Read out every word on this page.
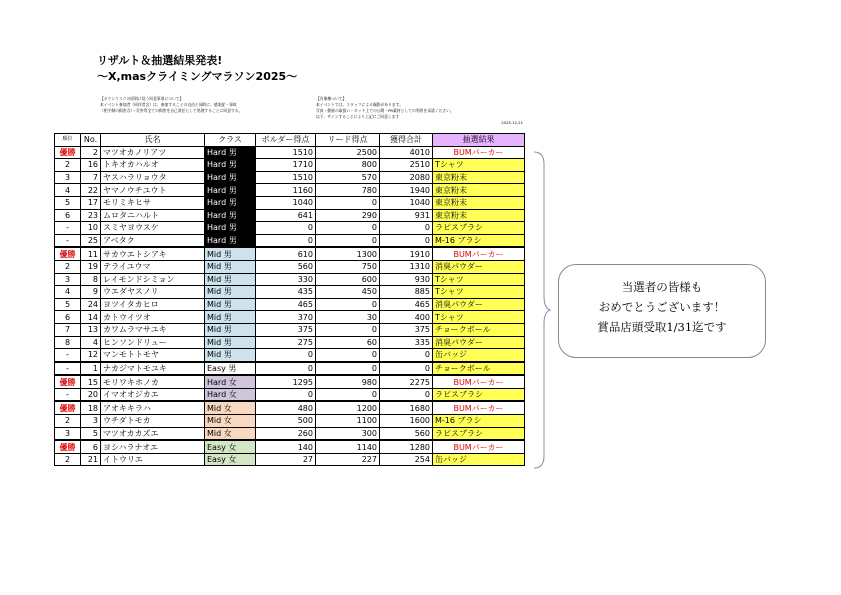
リザルト＆抽選結果発表!
〜X,masクライミングマラソン2025〜
【オウンリスクの原則に従う同意事項について】
本イベント参加者（同伴者含）は、参加することの自由と同時に、感染症・事故
（相手側の損害含）・災害等全ての損害を自己責任として処理することに同意する。
【肖像権ついて】
本イベントでは、スタッフによる撮影があります。
写真・動画の取扱い・ネット上での公開・PR素材としての利用を承諾ください。
以下、サインすることにより上記にご同意します
2025.12.21
順位	No.	氏名	クラス	ボルダー得点	リード得点	獲得合計	抽選結果
優勝	2	マツオカノリアツ	Hard 男	1510	2500	4010	BUMパーカー
2	16	トキオカハルオ	Hard 男	1710	800	2510	Tシャツ
3	7	ヤスハラリョウタ	Hard 男	1510	570	2080	東京粉末
4	22	ヤマノウチユウト	Hard 男	1160	780	1940	東京粉末
5	17	モリミキヒサ	Hard 男	1040	0	1040	東京粉末
6	23	ムロタニハルト	Hard 男	641	290	931	東京粉末
-	10	スミヤヨウスケ	Hard 男	0	0	0	ラピスブラシ
-	25	アベタク	Hard 男	0	0	0	M-16 ブラシ
優勝	11	サカウエトシアキ	Mid 男	610	1300	1910	BUMパーカー
2	19	テライユウマ	Mid 男	560	750	1310	消臭パウダー
3	8	レイモンドシミョン	Mid 男	330	600	930	Tシャツ
4	9	ウエダヤスノリ	Mid 男	435	450	885	Tシャツ
5	24	ヨツイタカヒロ	Mid 男	465	0	465	消臭パウダー
6	14	カトウイツオ	Mid 男	370	30	400	Tシャツ
7	13	カワムラマサユキ	Mid 男	375	0	375	チョークボール
8	4	ヒンソンドリュー	Mid 男	275	60	335	消臭パウダー
-	12	マンモトトモヤ	Mid 男	0	0	0	缶バッジ
-	1	ナカジマトモユキ	Easy 男	0	0	0	チョークボール
優勝	15	モリワキホノカ	Hard 女	1295	980	2275	BUMパーカー
-	20	イマオオジカエ	Hard 女	0	0	0	ラピスブラシ
優勝	18	アオキキラハ	Mid 女	480	1200	1680	BUMパーカー
2	3	ウチダトモカ	Mid 女	500	1100	1600	M-16 ブラシ
3	5	マツオカカズエ	Mid 女	260	300	560	ラピスブラシ
優勝	6	ヨシハラナオエ	Easy 女	140	1140	1280	BUMパーカー
2	21	イトウリエ	Easy 女	27	227	254	缶バッジ
当選者の皆様も
おめでとうございます！
賞品店頭受取1/31迄です
